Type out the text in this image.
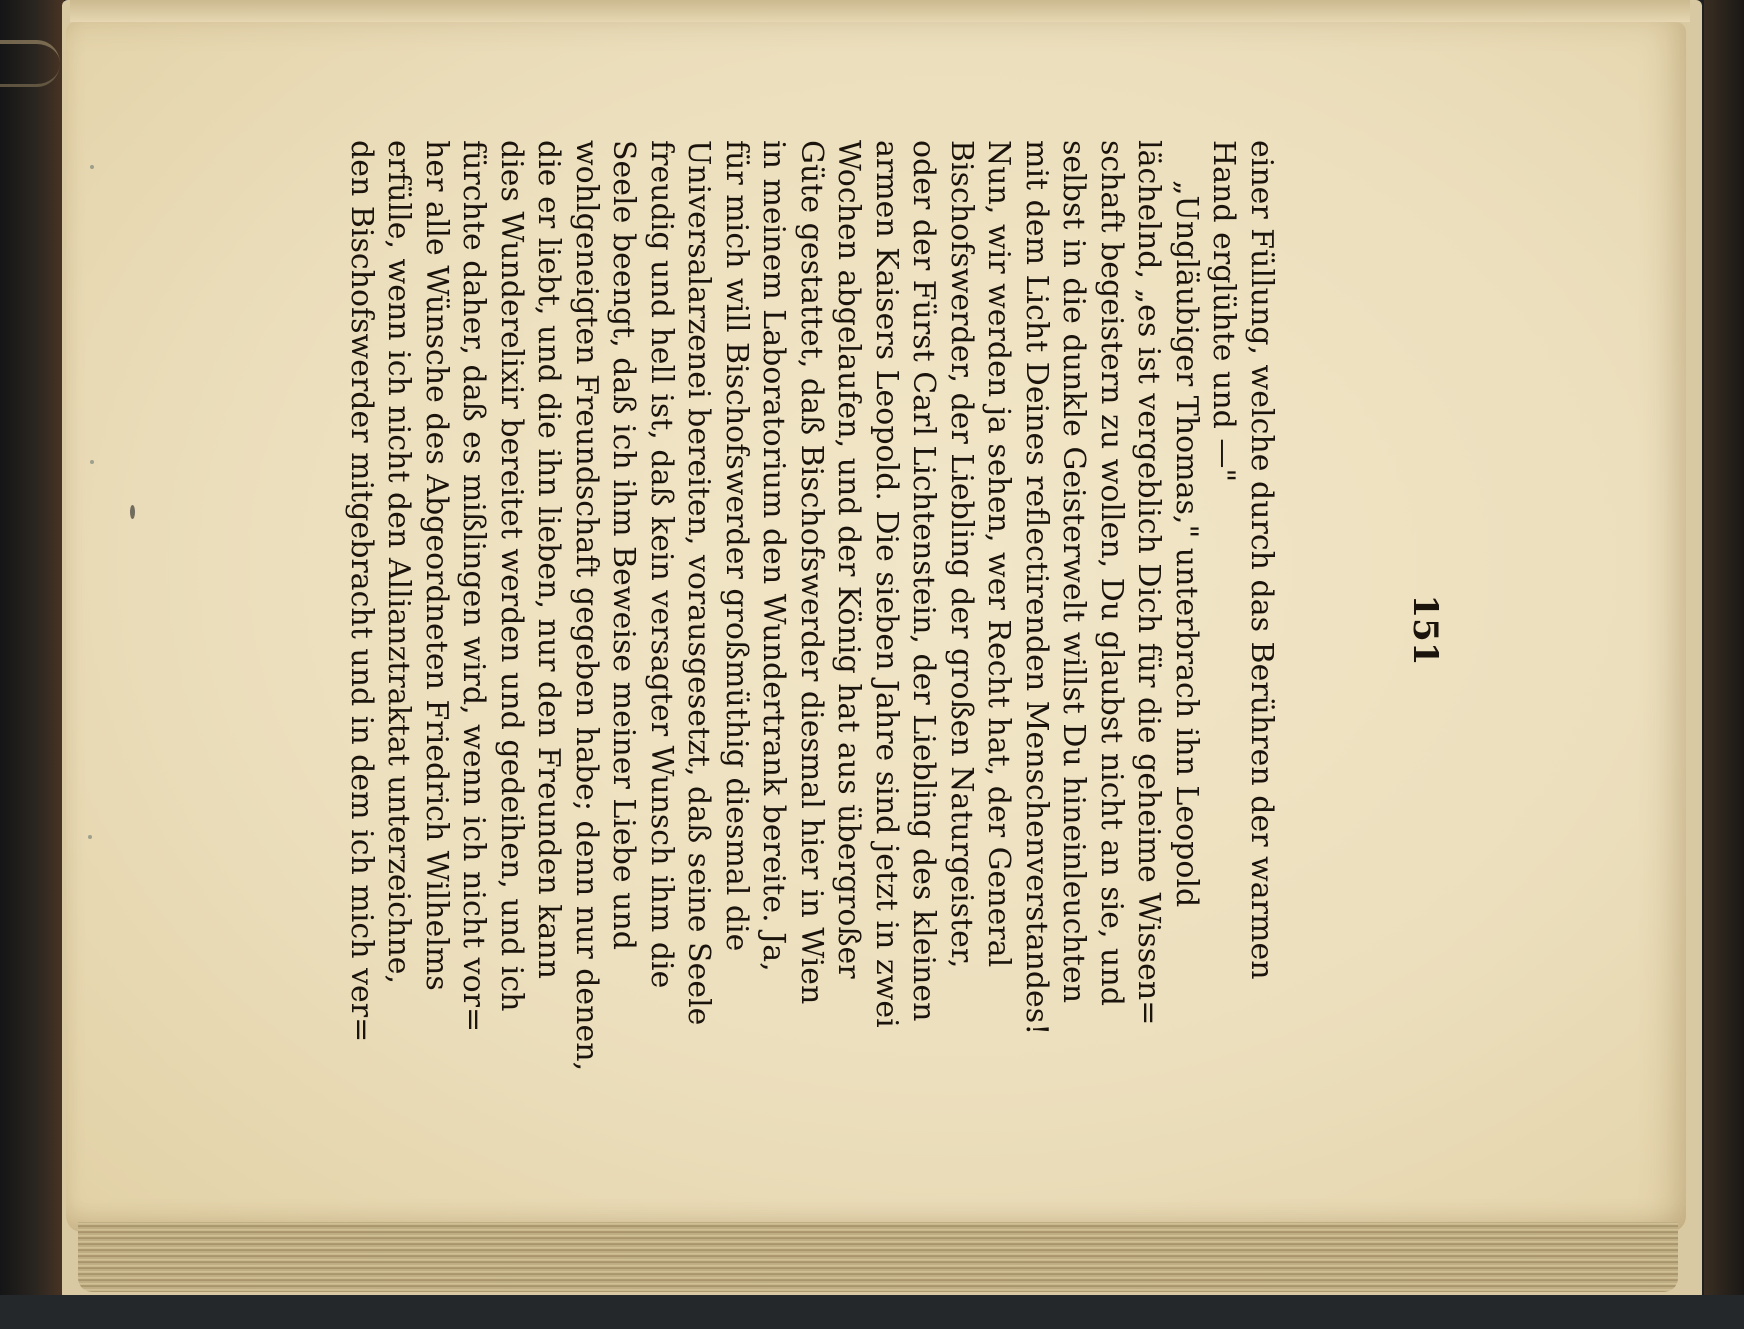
einer Füllung, welche durch das Berühren der warmen
Hand erglühte und —"
„Ungläubiger Thomas," unterbrach ihn Leopold
lächelnd, „es ist vergeblich Dich für die geheime Wissen=
schaft begeistern zu wollen, Du glaubst nicht an sie, und
selbst in die dunkle Geisterwelt willst Du hineinleuchten
mit dem Licht Deines reflectirenden Menschenverstandes!
Nun, wir werden ja sehen, wer Recht hat, der General
Bischofswerder, der Liebling der großen Naturgeister,
oder der Fürst Carl Lichtenstein, der Liebling des kleinen
armen Kaisers Leopold. Die sieben Jahre sind jetzt in zwei
Wochen abgelaufen, und der König hat aus übergroßer
Güte gestattet, daß Bischofswerder diesmal hier in Wien
in meinem Laboratorium den Wundertrank bereite. Ja,
für mich will Bischofswerder großmüthig diesmal die
Universalarzenei bereiten, vorausgesetzt, daß seine Seele
freudig und hell ist, daß kein versagter Wunsch ihm die
Seele beengt, daß ich ihm Beweise meiner Liebe und
wohlgeneigten Freundschaft gegeben habe; denn nur denen,
die er liebt, und die ihn lieben, nur den Freunden kann
dies Wunderelixir bereitet werden und gedeihen, und ich
fürchte daher, daß es mißlingen wird, wenn ich nicht vor=
her alle Wünsche des Abgeordneten Friedrich Wilhelms
erfülle, wenn ich nicht den Allianztraktat unterzeichne,
den Bischofswerder mitgebracht und in dem ich mich ver=	151
